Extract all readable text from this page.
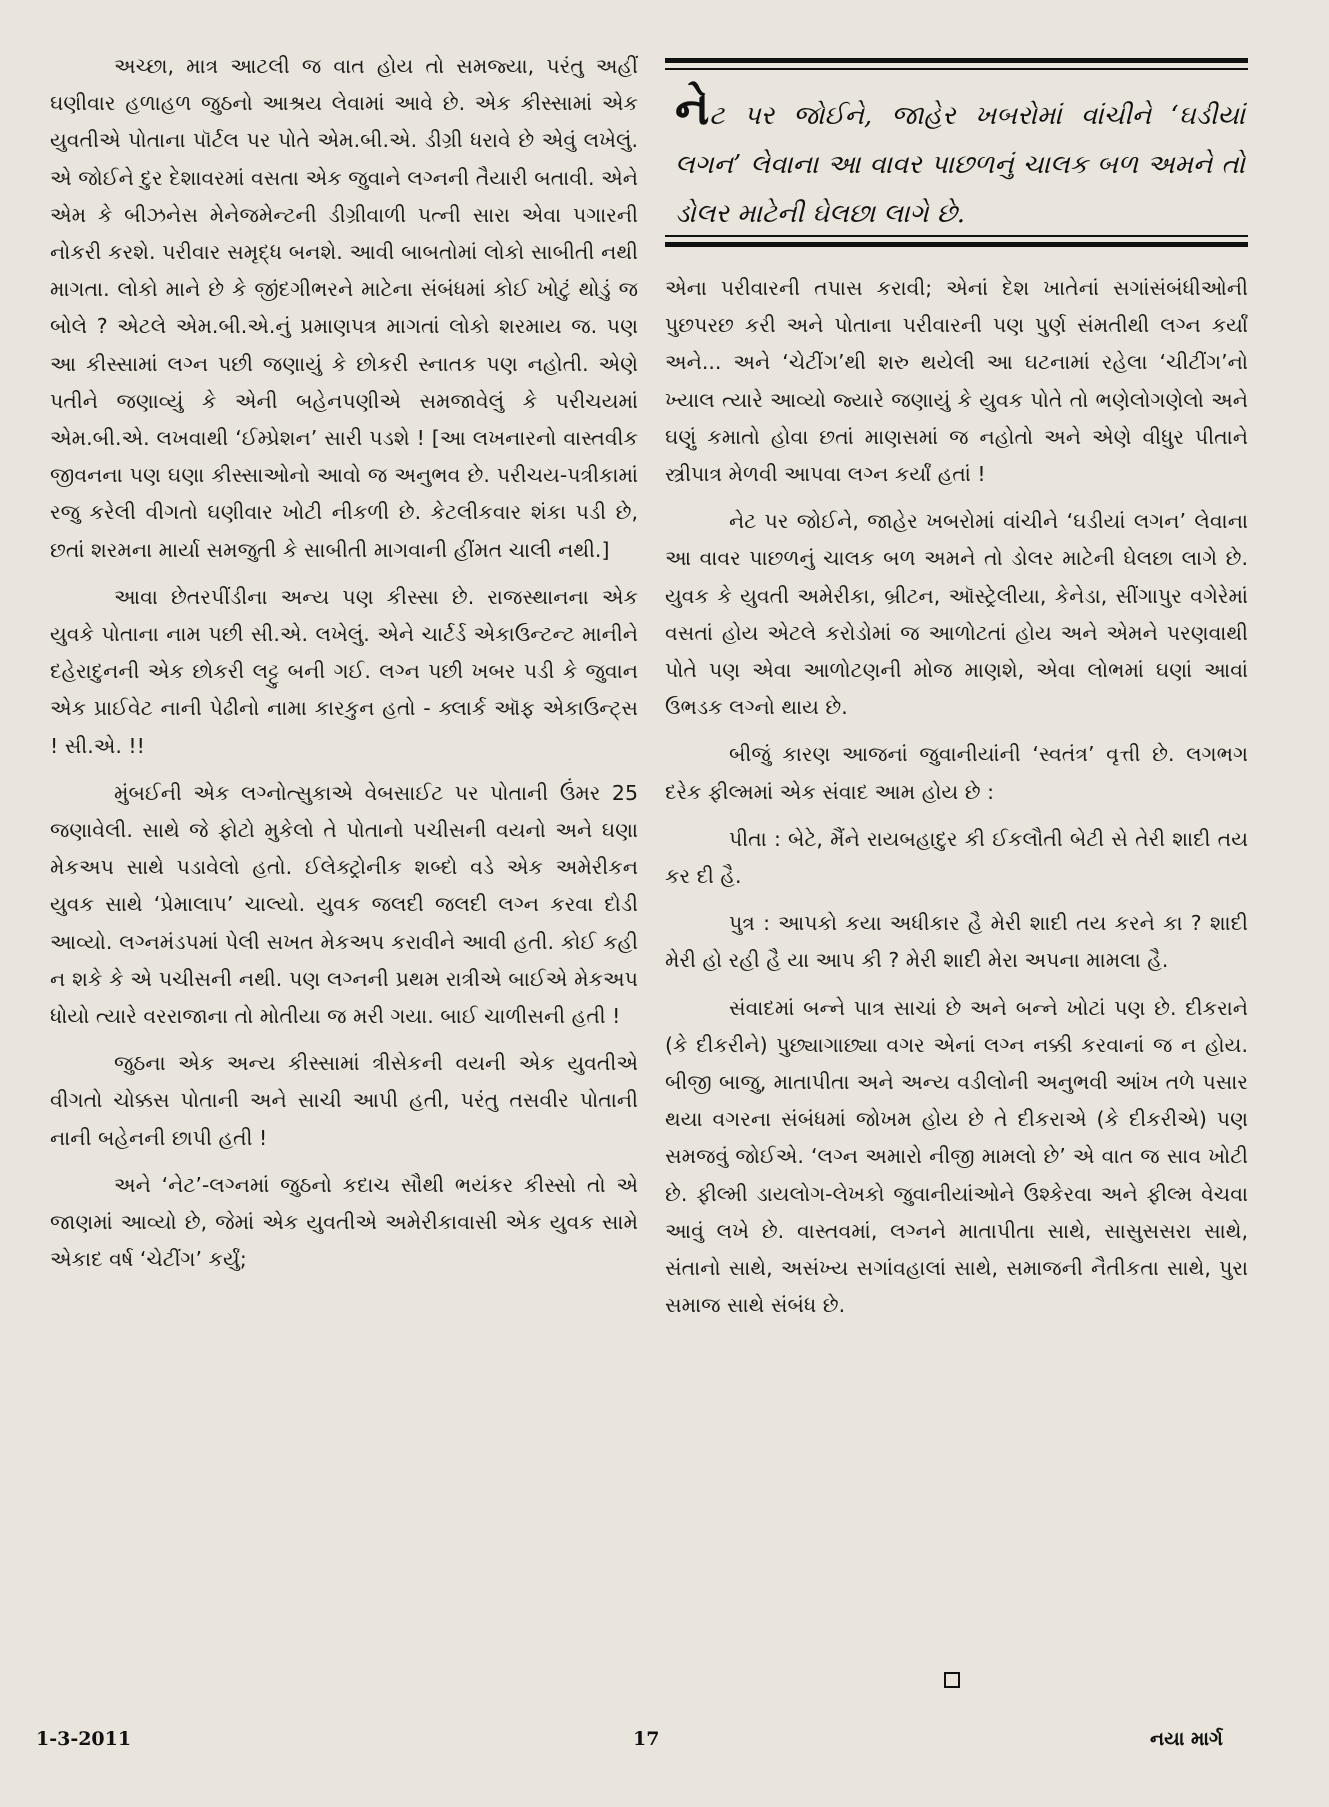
અચ્છા, માત્ર આટલી જ વાત હોય તો સમજ્યા, પરંતુ અહીં ઘણીવાર હળાહળ જુઠનો આશ્રય લેવામાં આવે છે. એક કીસ્સામાં એક યુવતીએ પોતાના પૉર્ટલ પર પોતે એમ.બી.એ. ડીગ્રી ધરાવે છે એવું લખેલું. એ જોઈને દુર દેશાવરમાં વસતા એક જુવાને લગ્નની તૈયારી બતાવી. એને એમ કે બીઝનેસ મેનેજમેન્ટની ડીગ્રીવાળી પત્ની સારા એવા પગારની નોકરી કરશે. પરીવાર સમૃદ્ધ બનશે. આવી બાબતોમાં લોકો સાબીતી નથી માગતા. લોકો માને છે કે જીંદગીભરને માટેના સંબંધમાં કોઈ ખોટું થોડું જ બોલે ? એટલે એમ.બી.એ.નું પ્રમાણપત્ર માગતાં લોકો શરમાય જ. પણ આ કીસ્સામાં લગ્ન પછી જણાયું કે છોકરી સ્નાતક પણ નહોતી. એણે પતીને જણાવ્યું કે એની બહેનપણીએ સમજાવેલું કે પરીચયમાં એમ.બી.એ. લખવાથી ‘ઈમ્પ્રેશન’ સારી પડશે ! [આ લખનારનો વાસ્તવીક જીવનના પણ ઘણા કીસ્સાઓનો આવો જ અનુભવ છે. પરીચય-પત્રીકામાં રજુ કરેલી વીગતો ઘણીવાર ખોટી નીકળી છે. કેટલીકવાર શંકા પડી છે, છતાં શરમના માર્યા સમજુતી કે સાબીતી માગવાની હીંમત ચાલી નથી.]

આવા છેતરપીંડીના અન્ય પણ કીસ્સા છે. રાજસ્થાનના એક યુવકે પોતાના નામ પછી સી.એ. લખેલું. એને ચાર્ટર્ડ એકાઉન્ટન્ટ માનીને દહેરાદુનની એક છોકરી લટ્ટુ બની ગઈ. લગ્ન પછી ખબર પડી કે જુવાન એક પ્રાઈવેટ નાની પેઢીનો નામા કારકુન હતો - ક્લાર્ક ઑફ એકાઉન્ટ્સ ! સી.એ. !!

મુંબઈની એક લગ્નોત્સુકાએ વેબસાઈટ પર પોતાની ઉંમર 25 જણાવેલી. સાથે જે ફોટો મુકેલો તે પોતાનો પચીસની વયનો અને ઘણા મેકઅપ સાથે પડાવેલો હતો. ઈલેક્ટ્રોનીક શબ્દો વડે એક અમેરીકન યુવક સાથે ‘પ્રેમાલાપ’ ચાલ્યો. યુવક જલદી જલદી લગ્ન કરવા દોડી આવ્યો. લગ્નમંડપમાં પેલી સખત મેકઅપ કરાવીને આવી હતી. કોઈ કહી ન શકે કે એ પચીસની નથી. પણ લગ્નની પ્રથમ રાત્રીએ બાઈએ મેકઅપ ધોયો ત્યારે વરરાજાના તો મોતીયા જ મરી ગયા. બાઈ ચાળીસની હતી !

જુઠના એક અન્ય કીસ્સામાં ત્રીસેકની વયની એક યુવતીએ વીગતો ચોક્કસ પોતાની અને સાચી આપી હતી, પરંતુ તસવીર પોતાની નાની બહેનની છાપી હતી !

અને ‘નેટ’-લગ્નમાં જુઠનો કદાચ સૌથી ભયંકર કીસ્સો તો એ જાણમાં આવ્યો છે, જેમાં એક યુવતીએ અમેરીકાવાસી એક યુવક સામે એકાદ વર્ષ ‘ચેટીંગ’ કર્યું;

નેટ પર જોઈને, જાહેર ખબરોમાં વાંચીને ‘ઘડીયાં લગન’ લેવાના આ વાવર પાછળનું ચાલક બળ અમને તો ડોલર માટેની ઘેલછા લાગે છે.

એના પરીવારની તપાસ કરાવી; એનાં દેશ ખાતેનાં સગાંસંબંધીઓની પુછપરછ કરી અને પોતાના પરીવારની પણ પુર્ણ સંમતીથી લગ્ન કર્યાં અને... અને ‘ચેટીંગ’થી શરુ થયેલી આ ઘટનામાં રહેલા ‘ચીટીંગ’નો ખ્યાલ ત્યારે આવ્યો જ્યારે જણાયું કે યુવક પોતે તો ભણેલોગણેલો અને ઘણું કમાતો હોવા છતાં માણસમાં જ નહોતો અને એણે વીધુર પીતાને સ્ત્રીપાત્ર મેળવી આપવા લગ્ન કર્યાં હતાં !

નેટ પર જોઈને, જાહેર ખબરોમાં વાંચીને ‘ઘડીયાં લગન’ લેવાના આ વાવર પાછળનું ચાલક બળ અમને તો ડોલર માટેની ઘેલછા લાગે છે. યુવક કે યુવતી અમેરીકા, બ્રીટન, ઑસ્ટ્રેલીયા, કેનેડા, સીંગાપુર વગેરેમાં વસતાં હોય એટલે કરોડોમાં જ આળોટતાં હોય અને એમને પરણવાથી પોતે પણ એવા આળોટણની મોજ માણશે, એવા લોભમાં ઘણાં આવાં ઉભડક લગ્નો થાય છે.

બીજું કારણ આજનાં જુવાનીયાંની ‘સ્વતંત્ર’ વૃત્તી છે. લગભગ દરેક ફીલ્મમાં એક સંવાદ આમ હોય છે :

પીતા : બેટે, મૈંને રાયબહાદુર કી ઈકલૌતી બેટી સે તેરી શાદી તય કર દી હૈ.

પુત્ર : આપકો કયા અધીકાર હૈ મેરી શાદી તય કરને કા ? શાદી મેરી હો રહી હૈ યા આપ કી ? મેરી શાદી મેરા અપના મામલા હૈ.

સંવાદમાં બન્ને પાત્ર સાચાં છે અને બન્ને ખોટાં પણ છે. દીકરાને (કે દીકરીને) પુછ્યાગાછ્યા વગર એનાં લગ્ન નક્કી કરવાનાં જ ન હોય. બીજી બાજુ, માતાપીતા અને અન્ય વડીલોની અનુભવી આંખ તળે પસાર થયા વગરના સંબંધમાં જોખમ હોય છે તે દીકરાએ (કે દીકરીએ) પણ સમજવું જોઈએ. ‘લગ્ન અમારો નીજી મામલો છે’ એ વાત જ સાવ ખોટી છે. ફીલ્મી ડાયલોગ-લેખકો જુવાનીયાંઓને ઉશ્કેરવા અને ફીલ્મ વેચવા આવું લખે છે. વાસ્તવમાં, લગ્નને માતાપીતા સાથે, સાસુસસરા સાથે, સંતાનો સાથે, અસંખ્ય સગાંવહાલાં સાથે, સમાજની નૈતીકતા સાથે, પુરા સમાજ સાથે સંબંધ છે.

1-3-2011	17	નયા માર્ગ
